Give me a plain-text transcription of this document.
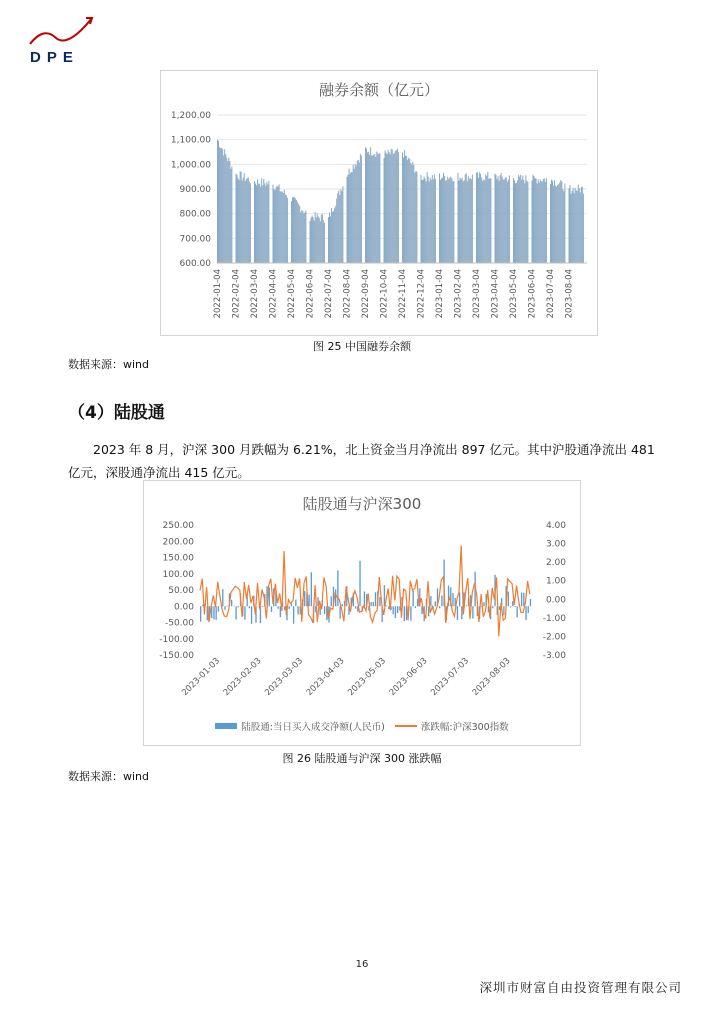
DPE
融券余额（亿元）
600.00
700.00
800.00
900.00
1,000.00
1,100.00
1,200.00
2022-01-04 2022-02-04 2022-03-04 2022-04-04 2022-05-04 2022-06-04 2022-07-04 2022-08-04 2022-09-04 2022-10-04 2022-11-04 2022-12-04 2023-01-04 2023-02-04 2023-03-04 2023-04-04 2023-05-04 2023-06-04 2023-07-04 2023-08-04
图 25 中国融券余额
数据来源：wind
（4）陆股通
2023 年 8 月，沪深 300 月跌幅为 6.21%，北上资金当月净流出 897 亿元。其中沪股通净流出 481 亿元，深股通净流出 415 亿元。
陆股通与沪深300
-150.00
-100.00
-50.00
0.00
50.00
100.00
150.00
200.00
250.00
-3.00
-2.00
-1.00
0.00
1.00
2.00
3.00
4.00
2023-01-03 2023-02-03 2023-03-03 2023-04-03 2023-05-03 2023-06-03 2023-07-03 2023-08-03
陆股通:当日买入成交净额(人民币)	涨跌幅:沪深300指数
图 26 陆股通与沪深 300 涨跌幅
数据来源：wind
16
深圳市财富自由投资管理有限公司
